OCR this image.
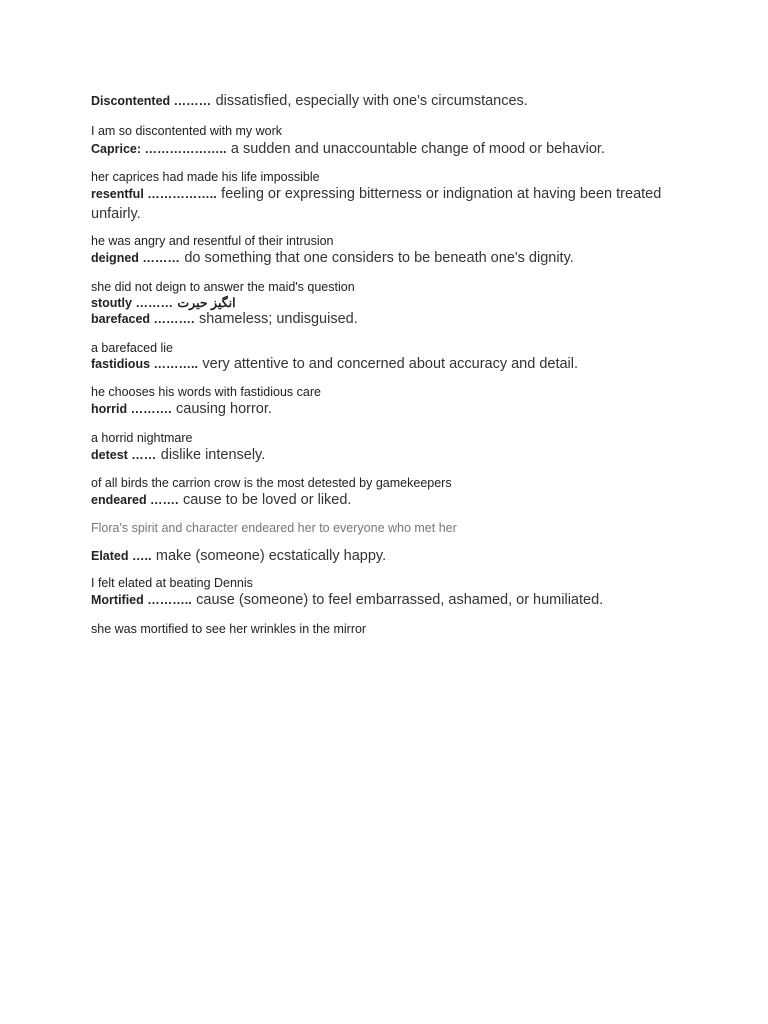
Discontented ……… dissatisfied, especially with one's circumstances.
I am so discontented with my work
Caprice: ……………….. a sudden and unaccountable change of mood or behavior.
her caprices had made his life impossible
resentful …………….. feeling or expressing bitterness or indignation at having been treated unfairly.
he was angry and resentful of their intrusion
deigned ……… do something that one considers to be beneath one's dignity.
she did not deign to answer the maid's question
stoutly ……… انگیز حیرت
barefaced ………. shameless; undisguised.
a barefaced lie
fastidious ……….. very attentive to and concerned about accuracy and detail.
he chooses his words with fastidious care
horrid ………. causing horror.
a horrid nightmare
detest …… dislike intensely.
of all birds the carrion crow is the most detested by gamekeepers
endeared ……. cause to be loved or liked.
Flora's spirit and character endeared her to everyone who met her
Elated ….. make (someone) ecstatically happy.
I felt elated at beating Dennis
Mortified ……….. cause (someone) to feel embarrassed, ashamed, or humiliated.
she was mortified to see her wrinkles in the mirror
